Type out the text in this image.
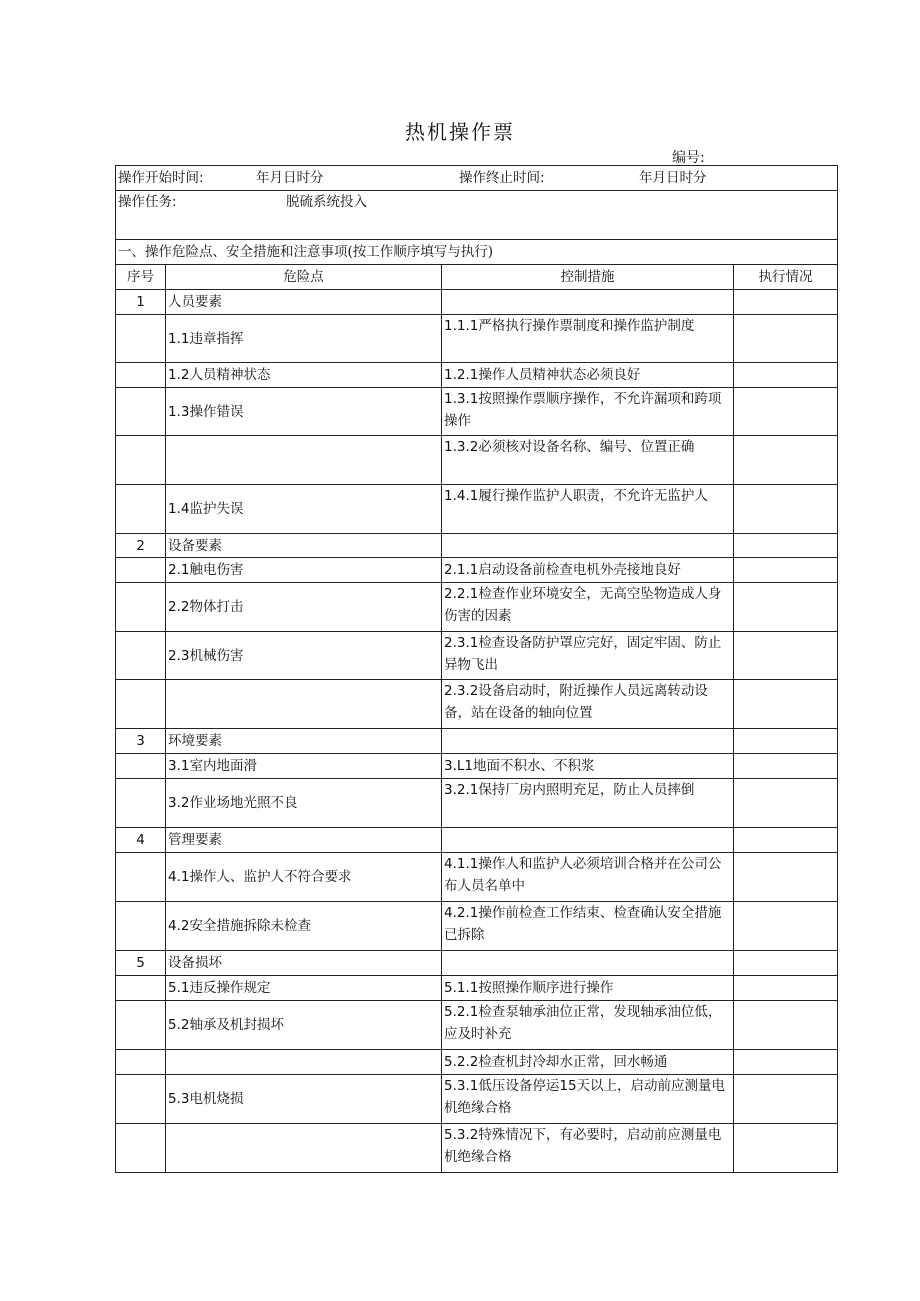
热机操作票
编号:
操作开始时间: 年月日时分 操作终止时间: 年月日时分			
操作任务: 脱硫系统投入			
一、操作危险点、安全措施和注意事项(按工作顺序填写与执行)			
序号	危险点	控制措施	执行情况
1	人员要素		
	1.1违章指挥	1.1.1严格执行操作票制度和操作监护制度	
	1.2人员精神状态	1.2.1操作人员精神状态必须良好	
	1.3操作错误	1.3.1按照操作票顺序操作，不允许漏项和跨项操作	
		1.3.2必须核对设备名称、编号、位置正确	
	1.4监护失误	1.4.1履行操作监护人职责，不允许无监护人	
2	设备要素		
	2.1触电伤害	2.1.1启动设备前检查电机外壳接地良好	
	2.2物体打击	2.2.1检查作业环境安全，无高空坠物造成人身伤害的因素	
	2.3机械伤害	2.3.1检查设备防护罩应完好，固定牢固、防止异物飞出	
		2.3.2设备启动时，附近操作人员远离转动设备，站在设备的轴向位置	
3	环境要素		
	3.1室内地面滑	3.L1地面不积水、不积浆	
	3.2作业场地光照不良	3.2.1保持厂房内照明充足，防止人员摔倒	
4	管理要素		
	4.1操作人、监护人不符合要求	4.1.1操作人和监护人必须培训合格并在公司公布人员名单中	
	4.2安全措施拆除未检查	4.2.1操作前检查工作结束、检查确认安全措施已拆除	
5	设备损坏		
	5.1违反操作规定	5.1.1按照操作顺序进行操作	
	5.2轴承及机封损坏	5.2.1检查泵轴承油位正常，发现轴承油位低，应及时补充	
		5.2.2检查机封冷却水正常，回水畅通	
	5.3电机烧损	5.3.1低压设备停运15天以上，启动前应测量电机绝缘合格	
		5.3.2特殊情况下，有必要时，启动前应测量电机绝缘合格	
